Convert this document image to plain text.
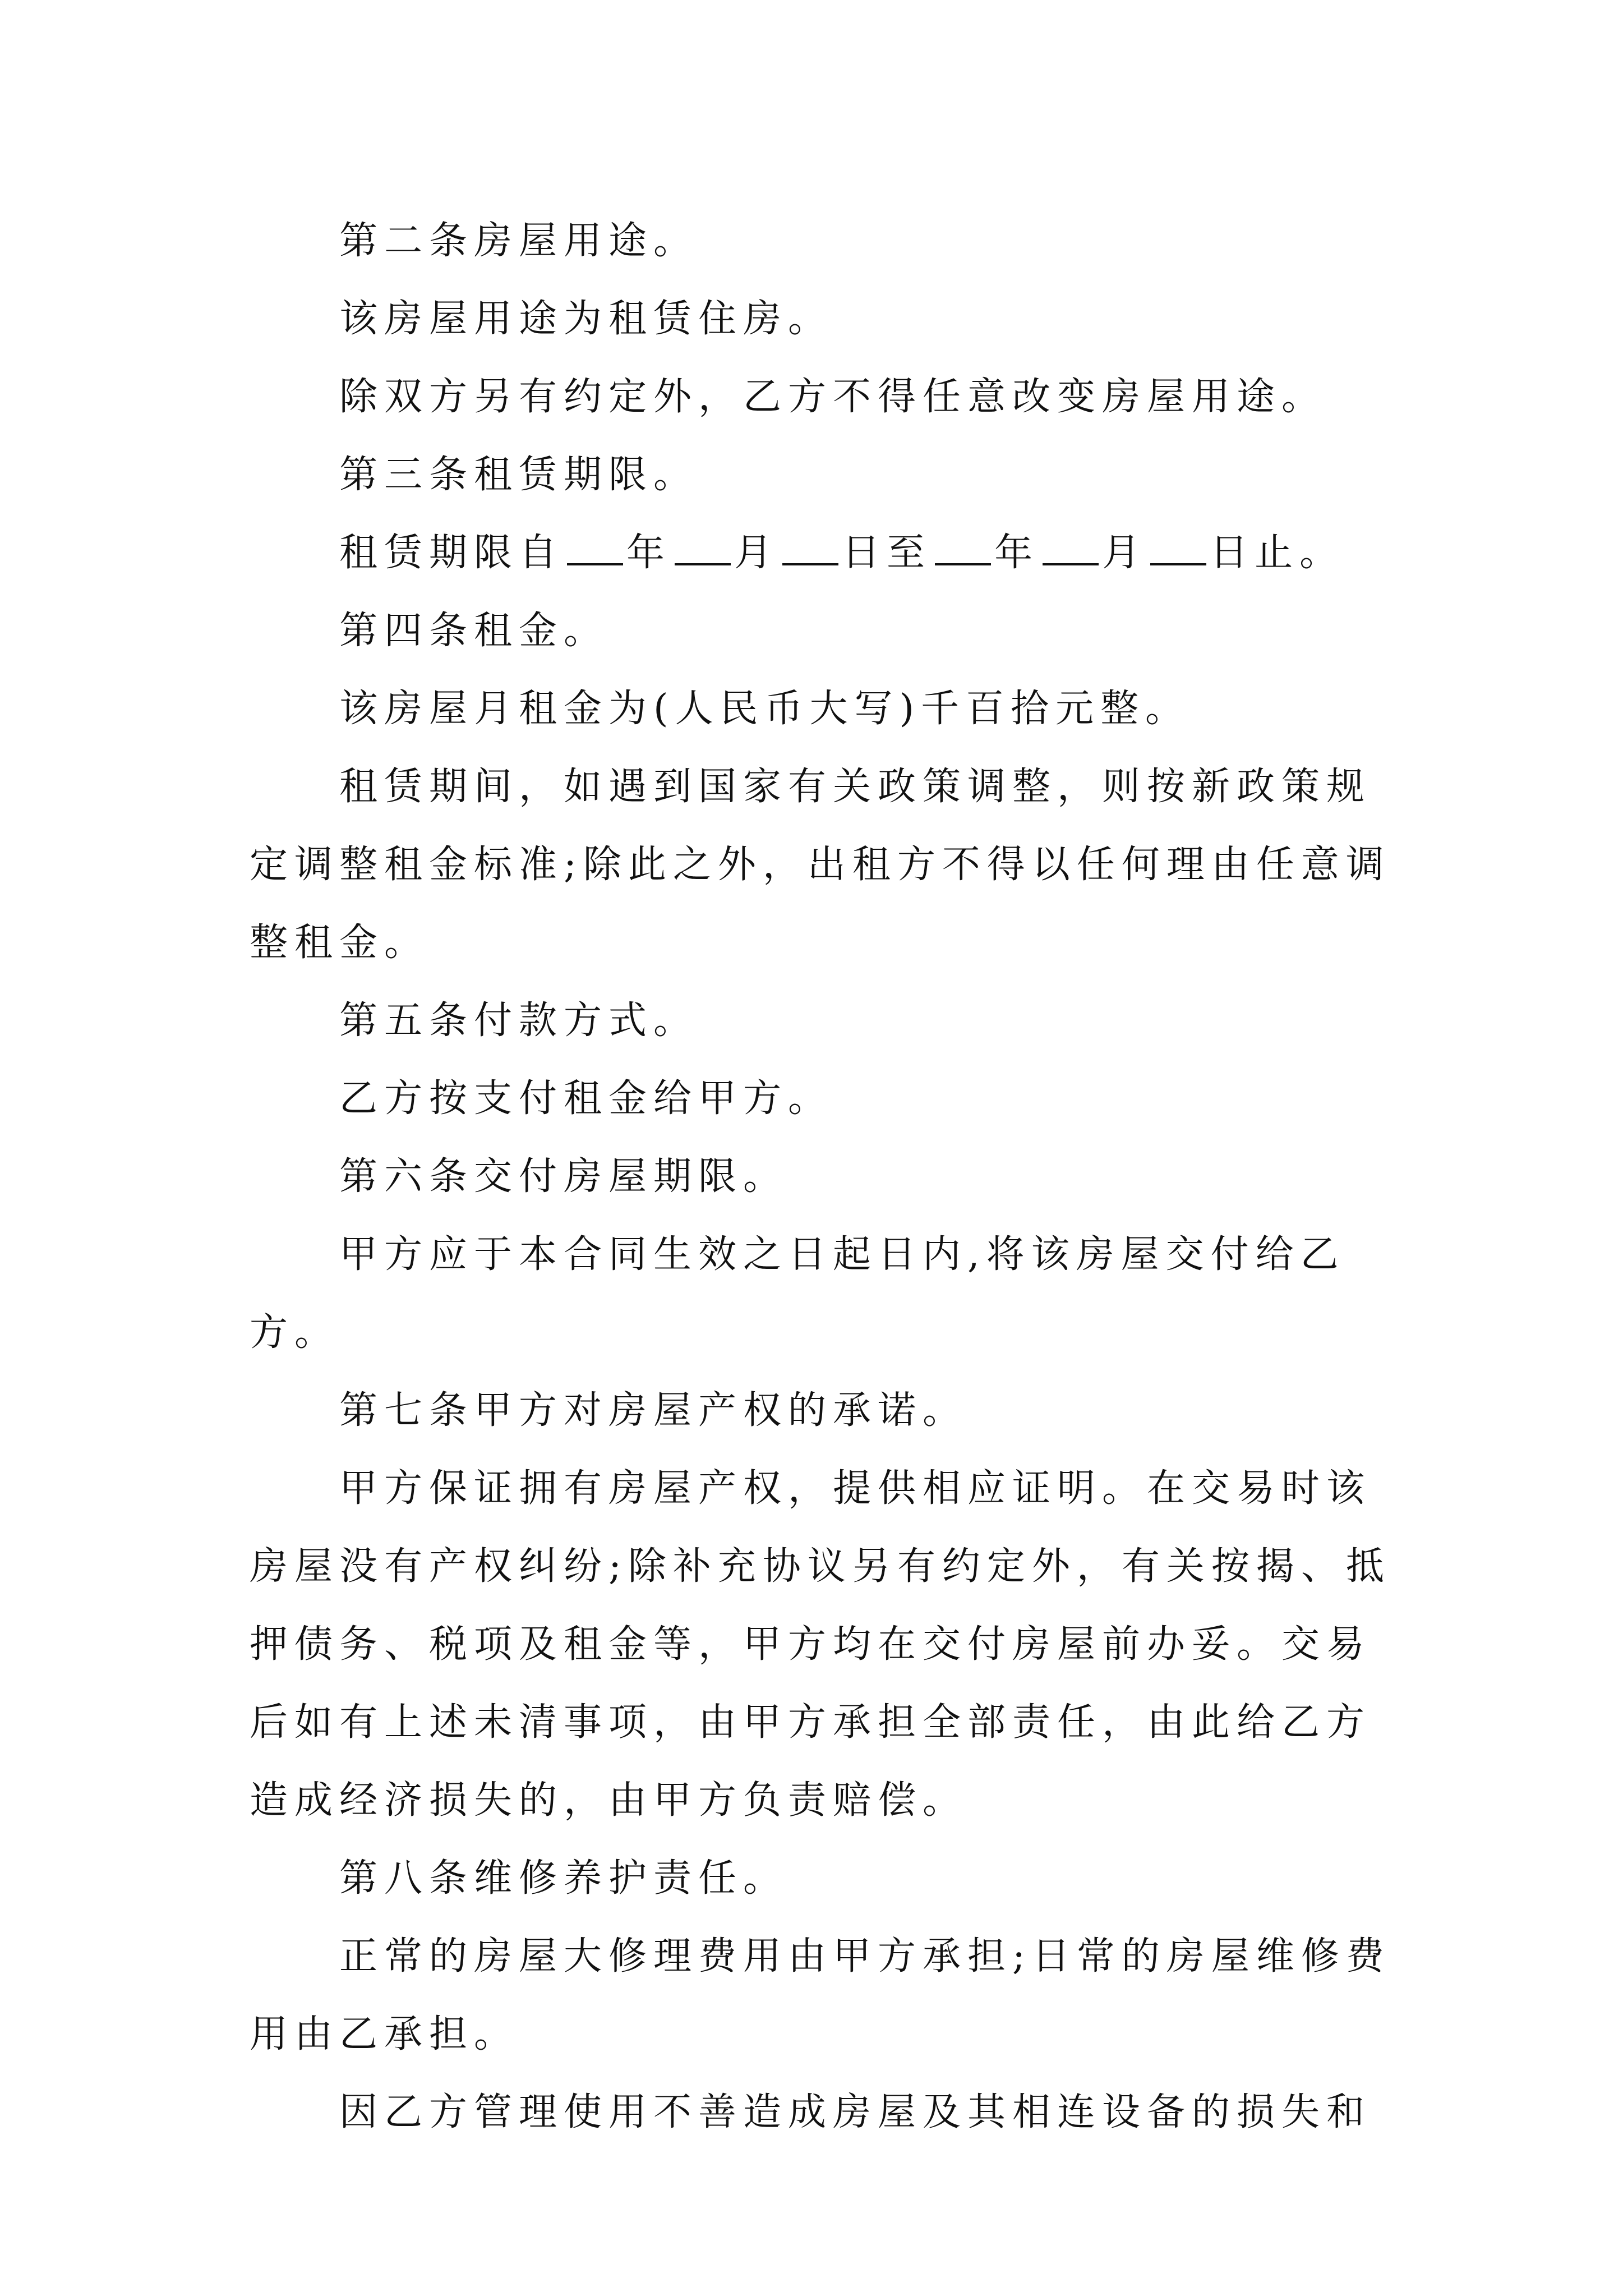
第二条房屋用途。

该房屋用途为租赁住房。

除双方另有约定外，乙方不得任意改变房屋用途。

第三条租赁期限。

租赁期限自 年 月 日至 年 月 日止。

第四条租金。

该房屋月租金为(人民币大写)千百拾元整。

租赁期间，如遇到国家有关政策调整，则按新政策规定调整租金标准;除此之外，出租方不得以任何理由任意调整租金。

第五条付款方式。

乙方按支付租金给甲方。

第六条交付房屋期限。

甲方应于本合同生效之日起日内,将该房屋交付给乙方。

第七条甲方对房屋产权的承诺。

甲方保证拥有房屋产权，提供相应证明。在交易时该房屋没有产权纠纷;除补充协议另有约定外，有关按揭、抵押债务、税项及租金等，甲方均在交付房屋前办妥。交易后如有上述未清事项，由甲方承担全部责任，由此给乙方造成经济损失的，由甲方负责赔偿。

第八条维修养护责任。

正常的房屋大修理费用由甲方承担;日常的房屋维修费用由乙承担。

因乙方管理使用不善造成房屋及其相连设备的损失和
